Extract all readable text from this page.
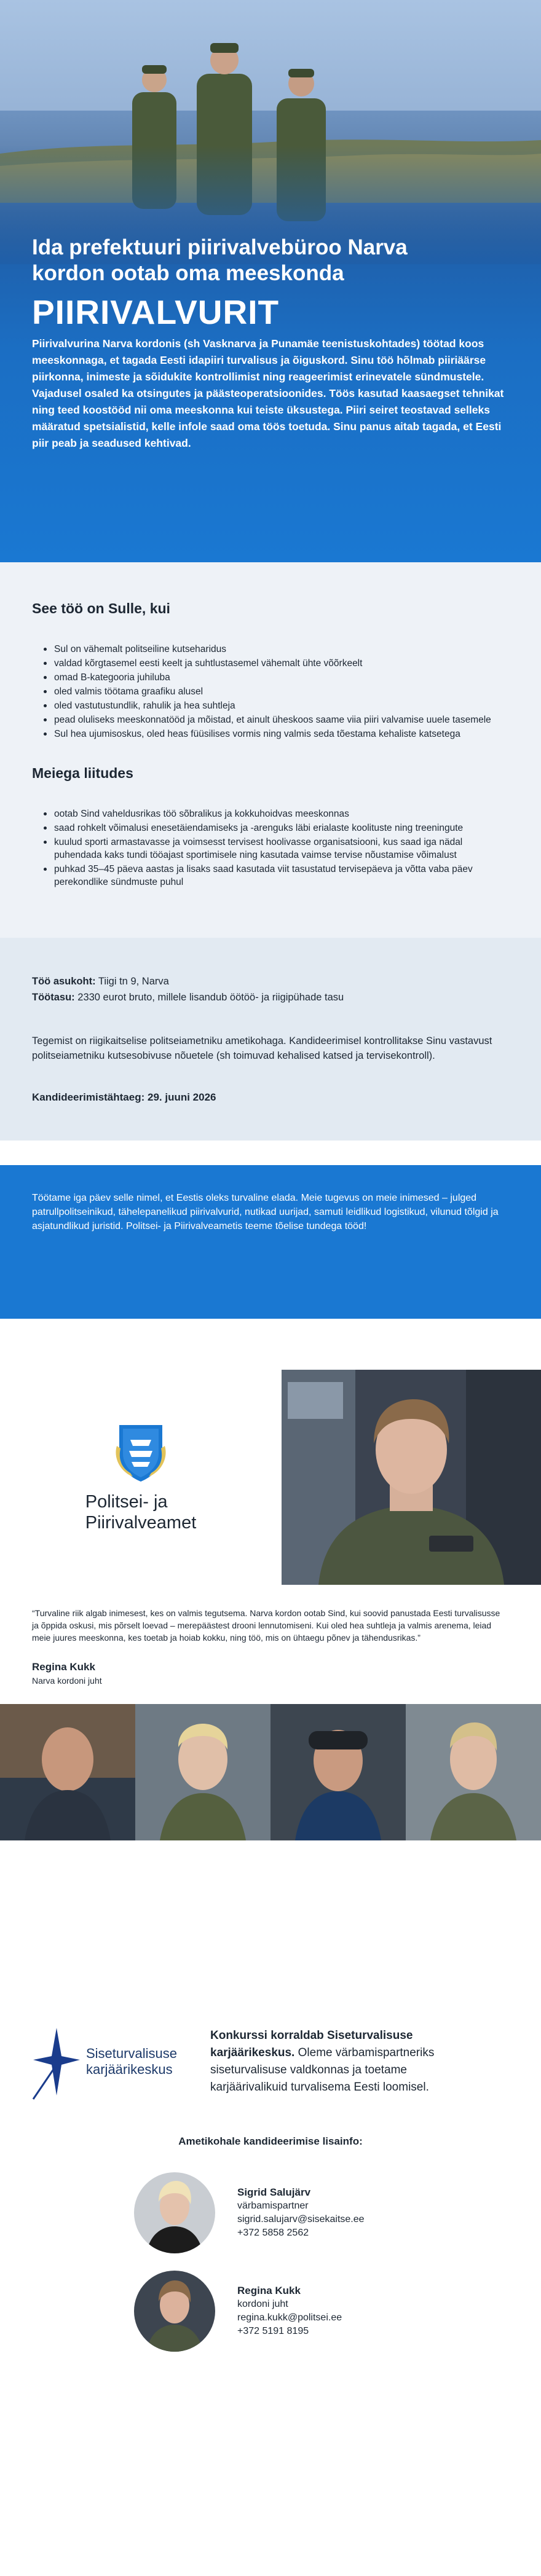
Ida prefektuuri piirivalvebüroo Narva kordon ootab oma meeskonda
PIIRIVALVURIT

Piirivalvurina Narva kordonis (sh Vasknarva ja Punamäe teenistuskohtades) töötad koos meeskonnaga, et tagada Eesti idapiiri turvalisus ja õiguskord. Sinu töö hõlmab piiriäärse piirkonna, inimeste ja sõidukite kontrollimist ning reageerimist erinevatele sündmustele. Vajadusel osaled ka otsingutes ja päästeoperatsioonides. Töös kasutad kaasaegset tehnikat ning teed koostööd nii oma meeskonna kui teiste üksustega. Piiri seiret teostavad selleks määratud spetsialistid, kelle infole saad oma töös toetuda. Sinu panus aitab tagada, et Eesti piir peab ja seadused kehtivad.

See töö on Sulle, kui
Sul on vähemalt politseiline kutseharidus
valdad kõrgtasemel eesti keelt ja suhtlustasemel vähemalt ühte võõrkeelt
omad B-kategooria juhiluba
oled valmis töötama graafiku alusel
oled vastutustundlik, rahulik ja hea suhtleja
pead oluliseks meeskonnatööd ja mõistad, et ainult üheskoos saame viia piiri valvamise uuele tasemele
Sul hea ujumisoskus, oled heas füüsilises vormis ning valmis seda tõestama kehaliste katsetega
Meiega liitudes
ootab Sind vaheldusrikas töö sõbralikus ja kokkuhoidvas meeskonnas
saad rohkelt võimalusi enesetäiendamiseks ja -arenguks läbi erialaste koolituste ning treeningute
kuulud sporti armastavasse ja voimsesst tervisest hoolivasse organisatsiooni, kus saad iga nädal puhendada kaks tundi tööajast sportimisele ning kasutada vaimse tervise nõustamise võimalust
puhkad 35–45 päeva aastas ja lisaks saad kasutada viit tasustatud tervisepäeva ja võtta vaba päev perekondlike sündmuste puhul

Töö asukoht: Tiigi tn 9, Narva

Töötasu: 2330 eurot bruto, millele lisandub öötöö- ja riigipühade tasu

Tegemist on riigikaitselise politseiametniku ametikohaga. Kandideerimisel kontrollitakse Sinu vastavust politseiametniku kutsesobivuse nõuetele (sh toimuvad kehalised katsed ja tervisekontroll).

Kandideerimistähtaeg: 29. juuni 2026

Töötame iga päev selle nimel, et Eestis oleks turvaline elada. Meie tugevus on meie inimesed – julged patrullpolitseinikud, tähelepanelikud piirivalvurid, nutikad uurijad, samuti leidlikud logistikud, vilunud tõlgid ja asjatundlikud juristid. Politsei- ja Piirivalveametis teeme tõelise tundega tööd!

Politsei- ja
Piirivalveamet

“Turvaline riik algab inimesest, kes on valmis tegutsema. Narva kordon ootab Sind, kui soovid panustada Eesti turvalisusse ja õppida oskusi, mis põrselt loevad – merepäästest drooni lennutomiseni. Kui oled hea suhtleja ja valmis arenema, leiad meie juures meeskonna, kes toetab ja hoiab kokku, ning töö, mis on ühtaegu põnev ja tähendusrikas.”

Regina Kukk

Narva kordoni juht

Siseturvalisuse
karjäärikeskus

Konkurssi korraldab Siseturvalisuse karjäärikeskus. Oleme värbamispartneriks siseturvalisuse valdkonnas ja toetame karjäärivalikuid turvalisema Eesti loomisel.

Ametikohale kandideerimise lisainfo:
Sigrid Salujärv
värbamispartner
sigrid.salujarv@sisekaitse.ee
+372 5858 2562
Regina Kukk
kordoni juht
regina.kukk@politsei.ee
+372 5191 8195
